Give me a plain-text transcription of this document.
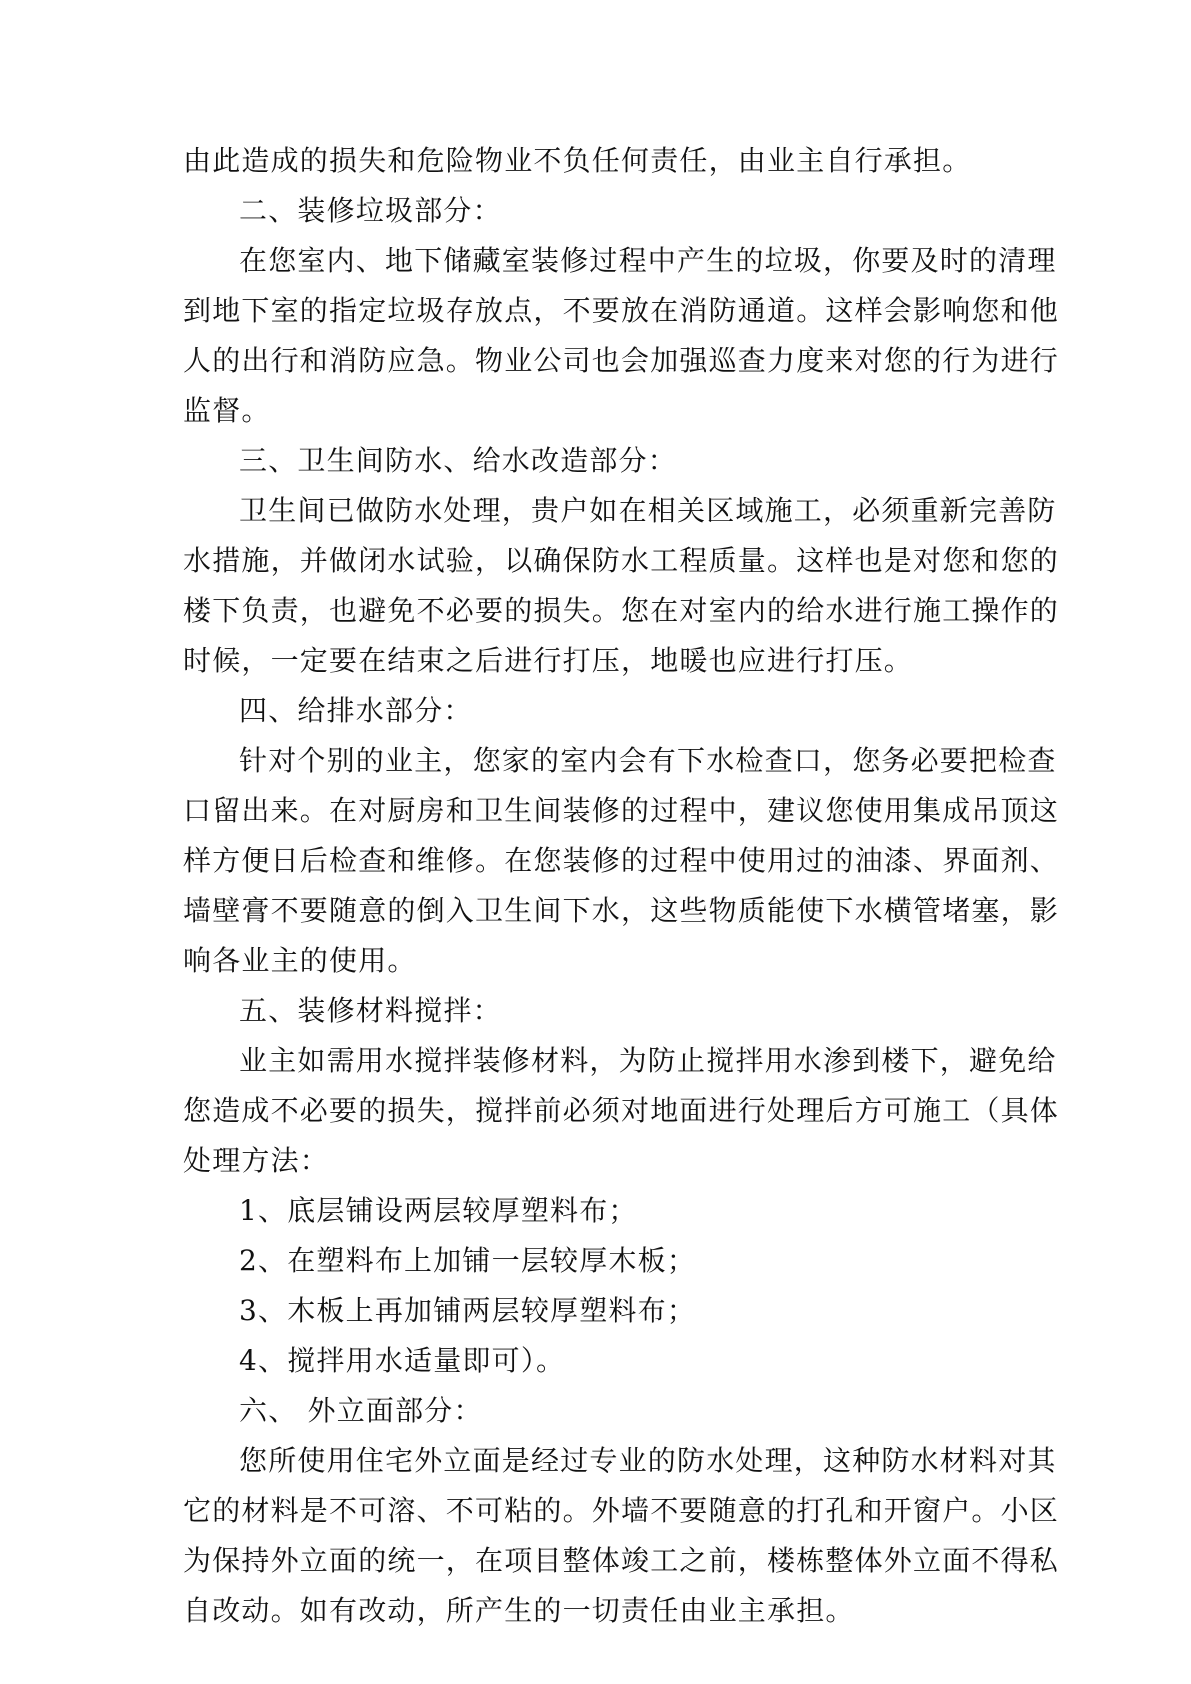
由此造成的损失和危险物业不负任何责任，由业主自行承担。
二、装修垃圾部分：
在您室内、地下储藏室装修过程中产生的垃圾，你要及时的清理
到地下室的指定垃圾存放点，不要放在消防通道。这样会影响您和他
人的出行和消防应急。物业公司也会加强巡查力度来对您的行为进行
监督。
三、卫生间防水、给水改造部分：
卫生间已做防水处理，贵户如在相关区域施工，必须重新完善防
水措施，并做闭水试验，以确保防水工程质量。这样也是对您和您的
楼下负责，也避免不必要的损失。您在对室内的给水进行施工操作的
时候，一定要在结束之后进行打压，地暖也应进行打压。
四、给排水部分：
针对个别的业主，您家的室内会有下水检查口，您务必要把检查
口留出来。在对厨房和卫生间装修的过程中，建议您使用集成吊顶这
样方便日后检查和维修。在您装修的过程中使用过的油漆、界面剂、
墙壁膏不要随意的倒入卫生间下水，这些物质能使下水横管堵塞，影
响各业主的使用。
五、装修材料搅拌：
业主如需用水搅拌装修材料，为防止搅拌用水渗到楼下，避免给
您造成不必要的损失，搅拌前必须对地面进行处理后方可施工（具体
处理方法：
1、底层铺设两层较厚塑料布；
2、在塑料布上加铺一层较厚木板；
3、木板上再加铺两层较厚塑料布；
4、搅拌用水适量即可）。
六、 外立面部分：
您所使用住宅外立面是经过专业的防水处理，这种防水材料对其
它的材料是不可溶、不可粘的。外墙不要随意的打孔和开窗户。小区
为保持外立面的统一，在项目整体竣工之前，楼栋整体外立面不得私
自改动。如有改动，所产生的一切责任由业主承担。
